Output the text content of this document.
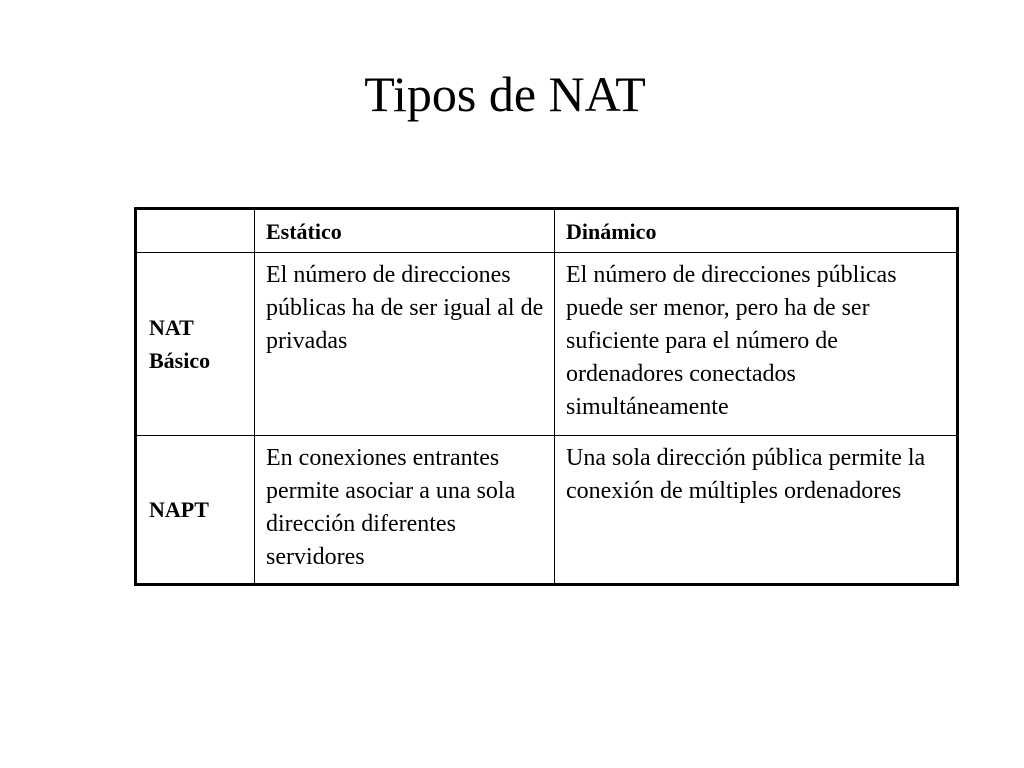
Tipos de NAT
	Estático	Dinámico

NAT Básico	El número de direcciones públicas ha de ser igual al de privadas	El número de direcciones públicas puede ser menor, pero ha de ser suficiente para el número de ordenadores conectados simultáneamente
NAPT	En conexiones entrantes permite asociar a una sola dirección diferentes servidores	Una sola dirección pública permite la conexión de múltiples ordenadores
